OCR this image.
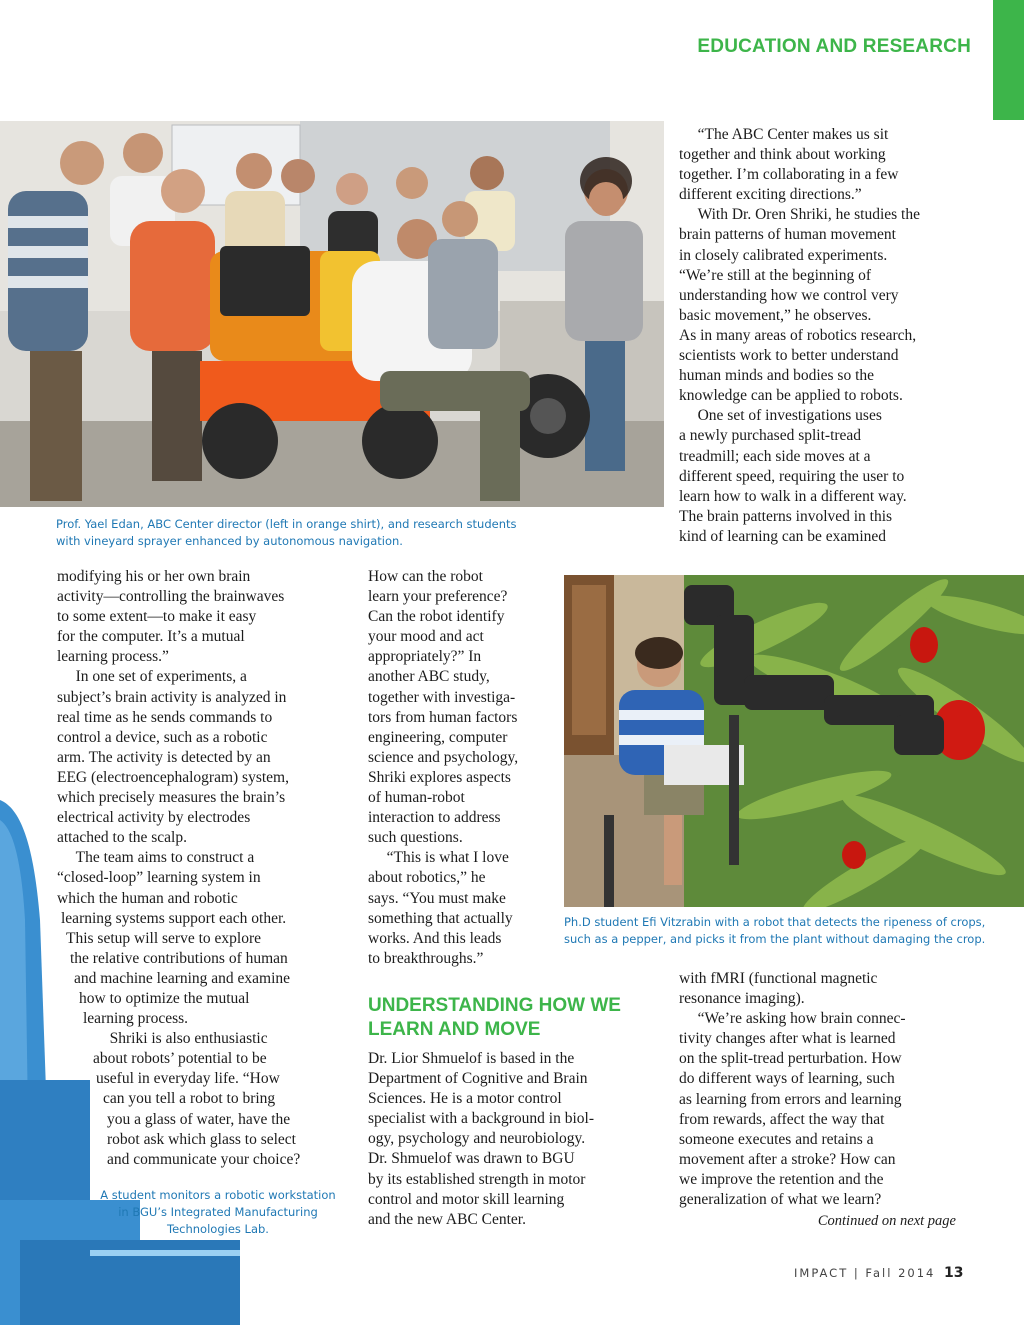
EDUCATION AND RESEARCH
Prof. Yael Edan, ABC Center director (left in orange shirt), and research students
with vineyard sprayer enhanced by autonomous navigation.

  “The ABC Center makes us sit

together and think about working

together. I’m collaborating in a few

different exciting directions.”

  With Dr. Oren Shriki, he studies the

brain patterns of human movement

in closely calibrated experiments.

“We’re still at the beginning of

understanding how we control very

basic movement,” he observes.

As in many areas of robotics research,

scientists work to better understand

human minds and bodies so the

knowledge can be applied to robots.

  One set of investigations uses

a newly purchased split-tread

treadmill; each side moves at a

different speed, requiring the user to

learn how to walk in a different way.

The brain patterns involved in this

kind of learning can be examined

Ph.D student Efi Vitzrabin with a robot that detects the ripeness of crops,
such as a pepper, and picks it from the plant without damaging the crop.
A student monitors a robotic workstation
in BGU’s Integrated Manufacturing
Technologies Lab.

modifying his or her own brain

activity—controlling the brainwaves

to some extent—to make it easy

for the computer. It’s a mutual

learning process.”

  In one set of experiments, a

subject’s brain activity is analyzed in

real time as he sends commands to

control a device, such as a robotic

arm. The activity is detected by an

EEG (electroencephalogram) system,

which precisely measures the brain’s

electrical activity by electrodes

attached to the scalp.

  The team aims to construct a

“closed-loop” learning system in

which the human and robotic

learning systems support each other.

This setup will serve to explore

the relative contributions of human

and machine learning and examine

how to optimize the mutual

learning process.

  Shriki is also enthusiastic

about robots’ potential to be

useful in everyday life. “How

can you tell a robot to bring

you a glass of water, have the

robot ask which glass to select

and communicate your choice?

How can the robot

learn your preference?

Can the robot identify

your mood and act

appropriately?” In

another ABC study,

together with investiga-

tors from human factors

engineering, computer

science and psychology,

Shriki explores aspects

of human-robot

interaction to address

such questions.

  “This is what I love

about robotics,” he

says. “You must make

something that actually

works. And this leads

to breakthroughs.”

UNDERSTANDING HOW WE

LEARN AND MOVE

Dr. Lior Shmuelof is based in the

Department of Cognitive and Brain

Sciences. He is a motor control

specialist with a background in biol-

ogy, psychology and neurobiology.

Dr. Shmuelof was drawn to BGU

by its established strength in motor

control and motor skill learning

and the new ABC Center.

with fMRI (functional magnetic

resonance imaging).

  “We’re asking how brain connec-

tivity changes after what is learned

on the split-tread perturbation. How

do different ways of learning, such

as learning from errors and learning

from rewards, affect the way that

someone executes and retains a

movement after a stroke? How can

we improve the retention and the

generalization of what we learn?

Continued on next page
IMPACT | Fall 2014 13
